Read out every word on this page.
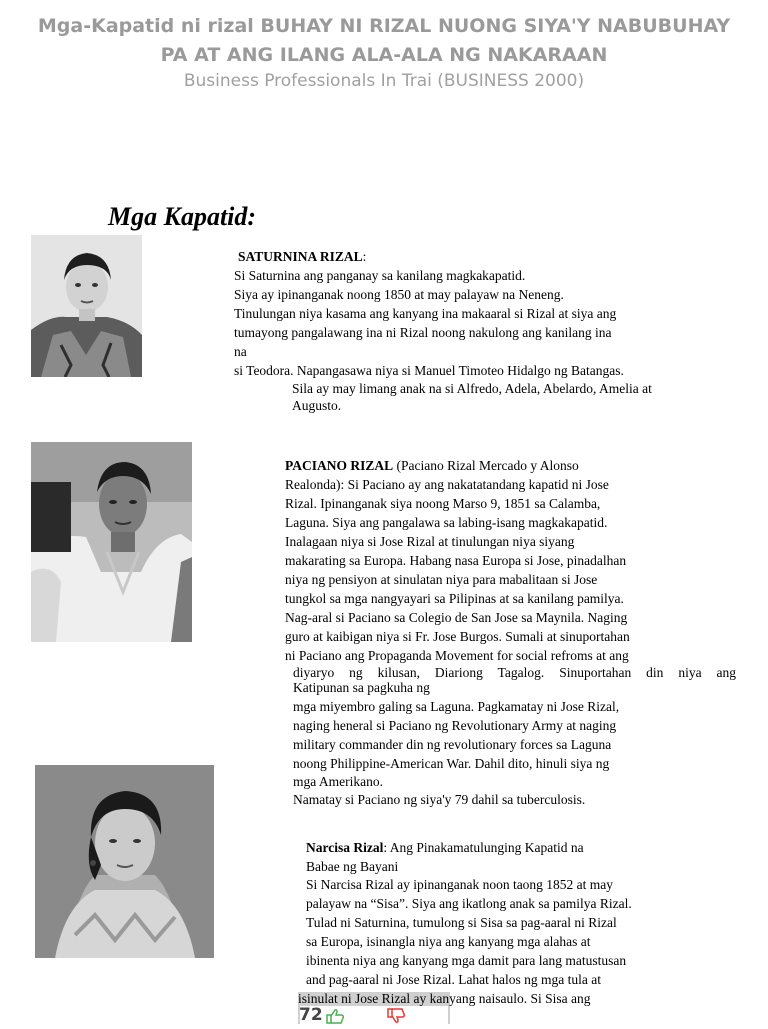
Mga-Kapatid ni rizal BUHAY NI RIZAL NUONG SIYA'Y NABUBUHAY
PA AT ANG ILANG ALA-ALA NG NAKARAAN
Business Professionals In Trai (BUSINESS 2000)
Mga Kapatid:
SATURNINA RIZAL:
Si Saturnina ang panganay sa kanilang magkakapatid.
Siya ay ipinanganak noong 1850 at may palayaw na Neneng.
Tinulungan niya kasama ang kanyang ina makaaral si Rizal at siya ang
tumayong pangalawang ina ni Rizal noong nakulong ang kanilang ina
na
si Teodora. Napangasawa niya si Manuel Timoteo Hidalgo ng Batangas.
Sila ay may limang anak na si Alfredo, Adela, Abelardo, Amelia at
Augusto.
PACIANO RIZAL (Paciano Rizal Mercado y Alonso
Realonda): Si Paciano ay ang nakatatandang kapatid ni Jose
Rizal. Ipinanganak siya noong Marso 9, 1851 sa Calamba,
Laguna. Siya ang pangalawa sa labing-isang magkakapatid.
Inalagaan niya si Jose Rizal at tinulungan niya siyang
makarating sa Europa. Habang nasa Europa si Jose, pinadalhan
niya ng pensiyon at sinulatan niya para mabalitaan si Jose
tungkol sa mga nangyayari sa Pilipinas at sa kanilang pamilya.
Nag-aral si Paciano sa Colegio de San Jose sa Maynila. Naging
guro at kaibigan niya si Fr. Jose Burgos. Sumali at sinuportahan
ni Paciano ang Propaganda Movement for social refroms at ang
diyaryo ng kilusan, Diariong Tagalog. Sinuportahan din niya ang
Katipunan sa pagkuha ng
mga miyembro galing sa Laguna. Pagkamatay ni Jose Rizal,
naging heneral si Paciano ng Revolutionary Army at naging
military commander din ng revolutionary forces sa Laguna
noong Philippine-American War. Dahil dito, hinuli siya ng
mga Amerikano.
Namatay si Paciano ng siya'y 79 dahil sa tuberculosis.
Narcisa Rizal: Ang Pinakamatulunging Kapatid na
Babae ng Bayani
Si Narcisa Rizal ay ipinanganak noon taong 1852 at may
palayaw na “Sisa”. Siya ang ikatlong anak sa pamilya Rizal.
Tulad ni Saturnina, tumulong si Sisa sa pag-aaral ni Rizal
sa Europa, isinangla niya ang kanyang mga alahas at
ibinenta niya ang kanyang mga damit para lang matustusan
and pag-aaral ni Jose Rizal. Lahat halos ng mga tula at
isinulat ni Jose Rizal ay kanyang naisaulo. Si Sisa ang
72
